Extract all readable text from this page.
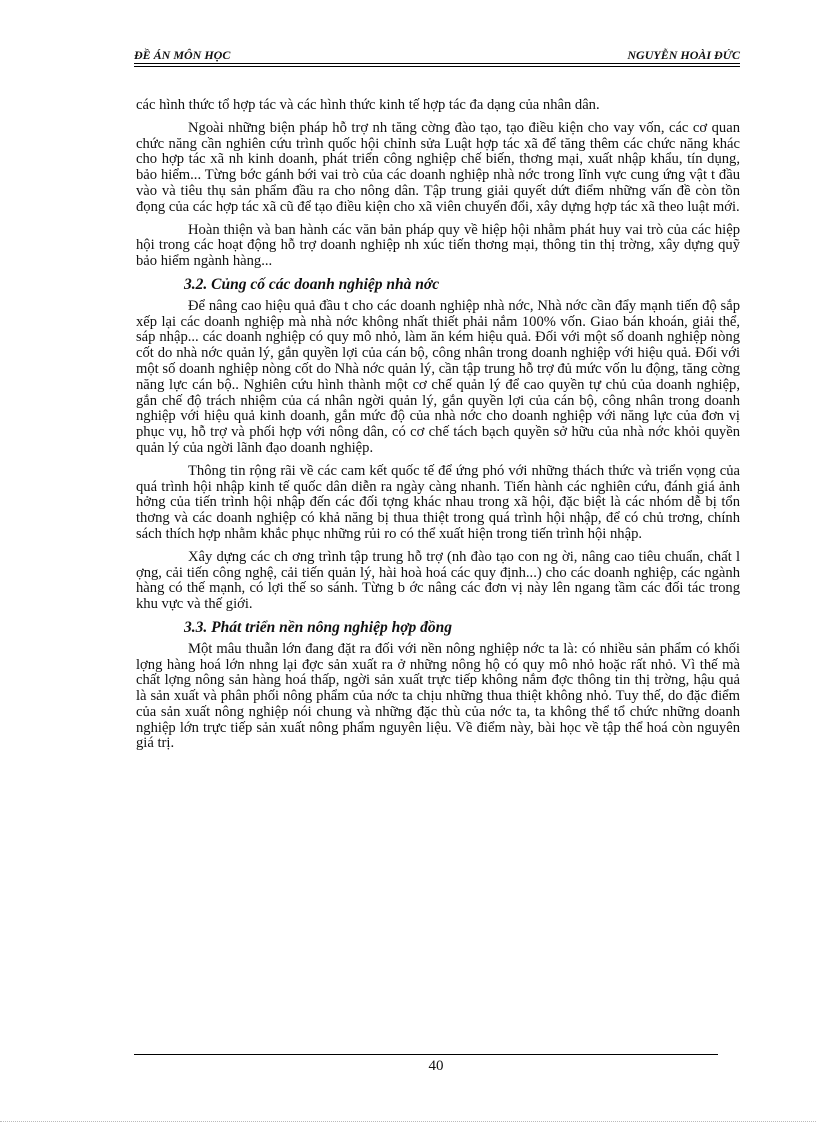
ĐỀ ÁN MÔN HỌC	NGUYỄN HOÀI ĐỨC

các hình thức tổ hợp tác và các hình thức kinh tế hợp tác đa dạng của nhân dân.

Ngoài những biện pháp hỗ trợ nh tăng cờng đào tạo, tạo điều kiện cho vay vốn, các cơ quan chức năng cần nghiên cứu trình quốc hội chỉnh sửa Luật hợp tác xã để tăng thêm các chức năng khác cho hợp tác xã nh kinh doanh, phát triển công nghiệp chế biến, thơng mại, xuất nhập khẩu, tín dụng, bảo hiểm... Từng bớc gánh bới vai trò của các doanh nghiệp nhà nớc trong lĩnh vực cung ứng vật t đầu vào và tiêu thụ sản phẩm đầu ra cho nông dân. Tập trung giải quyết dứt điểm những vấn đề còn tồn đọng của các hợp tác xã cũ để tạo điều kiện cho xã viên chuyển đổi, xây dựng hợp tác xã theo luật mới.

Hoàn thiện và ban hành các văn bản pháp quy về hiệp hội nhằm phát huy vai trò của các hiệp hội trong các hoạt động hỗ trợ doanh nghiệp nh xúc tiến thơng mại, thông tin thị trờng, xây dựng quỹ bảo hiểm ngành hàng...

3.2. Củng cố các doanh nghiệp nhà nớc

Để nâng cao hiệu quả đầu t cho các doanh nghiệp nhà nớc, Nhà nớc cần đẩy mạnh tiến độ sắp xếp lại các doanh nghiệp mà nhà nớc không nhất thiết phải nắm 100% vốn. Giao bán khoán, giải thể, sáp nhập... các doanh nghiệp có quy mô nhỏ, làm ăn kém hiệu quả. Đối với một số doanh nghiệp nòng cốt do nhà nớc quản lý, gắn quyền lợi của cán bộ, công nhân trong doanh nghiệp với hiệu quả. Đối với một số doanh nghiệp nòng cốt do Nhà nớc quản lý, cần tập trung hỗ trợ đủ mức vốn lu động, tăng cờng năng lực cán bộ.. Nghiên cứu hình thành một cơ chế quản lý để cao quyền tự chủ của doanh nghiệp, gắn chế độ trách nhiệm của cá nhân ngời quản lý, gắn quyền lợi của cán bộ, công nhân trong doanh nghiệp với hiệu quả kinh doanh, gắn mức độ của nhà nớc cho doanh nghiệp với năng lực của đơn vị phục vụ, hỗ trợ và phối hợp với nông dân, có cơ chế tách bạch quyền sở hữu của nhà nớc khỏi quyền quản lý của ngời lãnh đạo doanh nghiệp.

Thông tin rộng rãi về các cam kết quốc tế để ứng phó với những thách thức và triển vọng của quá trình hội nhập kinh tế quốc dân diễn ra ngày càng nhanh. Tiến hành các nghiên cứu, đánh giá ảnh hởng của tiến trình hội nhập đến các đối tợng khác nhau trong xã hội, đặc biệt là các nhóm dễ bị tổn thơng và các doanh nghiệp có khả năng bị thua thiệt trong quá trình hội nhập, để có chủ trơng, chính sách thích hợp nhằm khắc phục những rủi ro có thể xuất hiện trong tiến trình hội nhập.

Xây dựng các ch ơng trình tập trung hỗ trợ (nh đào tạo con ng ời, nâng cao tiêu chuẩn, chất l ợng, cải tiến công nghệ, cải tiến quản lý, hài hoà hoá các quy định...) cho các doanh nghiệp, các ngành hàng có thế mạnh, có lợi thế so sánh. Từng b ớc nâng các đơn vị này lên ngang tầm các đối tác trong khu vực và thế giới.

3.3. Phát triển nền nông nghiệp hợp đồng

Một mâu thuẫn lớn đang đặt ra đối với nền nông nghiệp nớc ta là: có nhiều sản phẩm có khối lợng hàng hoá lớn nhng lại đợc sản xuất ra ở những nông hộ có quy mô nhỏ hoặc rất nhỏ. Vì thế mà chất lợng nông sản hàng hoá thấp, ngời sản xuất trực tiếp không nắm đợc thông tin thị trờng, hậu quả là sản xuất và phân phối nông phẩm của nớc ta chịu những thua thiệt không nhỏ. Tuy thế, do đặc điểm của sản xuất nông nghiệp nói chung và những đặc thù của nớc ta, ta không thể tổ chức những doanh nghiệp lớn trực tiếp sản xuất nông phẩm nguyên liệu. Về điểm này, bài học về tập thể hoá còn nguyên giá trị.

40
